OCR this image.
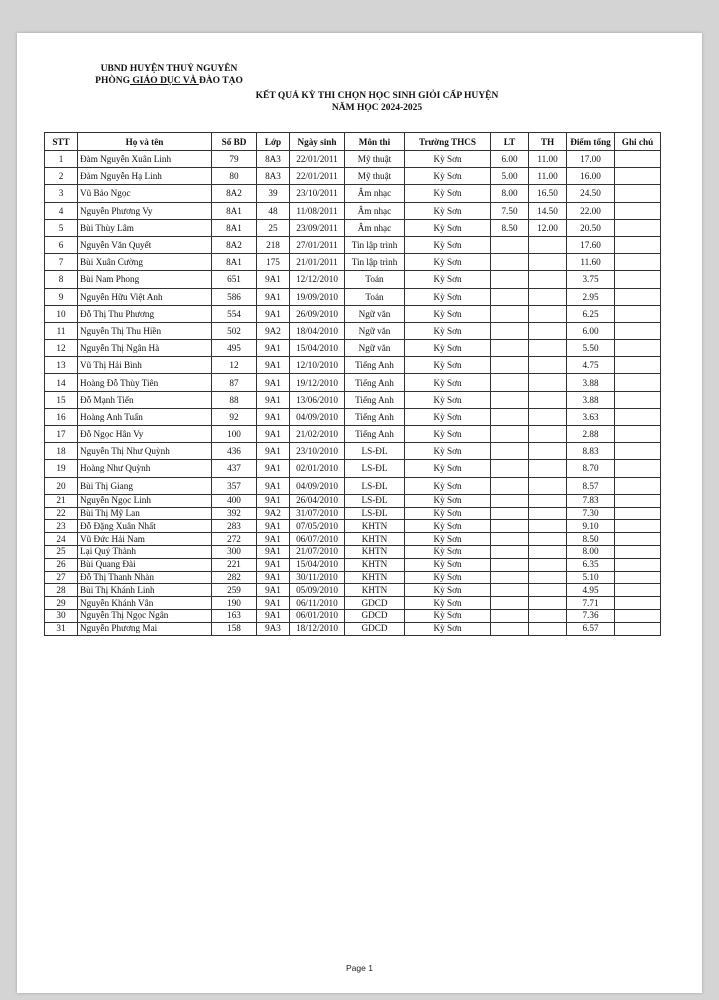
UBND HUYỆN THUỶ NGUYÊN
PHÒNG GIÁO DỤC VÀ ĐÀO TẠO
KẾT QUẢ KỲ THI CHỌN HỌC SINH GIỎI CẤP HUYỆN
NĂM HỌC 2024-2025
STT	Họ và tên	Số BD	Lớp	Ngày sinh	Môn thi	Trường THCS	LT	TH	Điểm tổng	Ghi chú
1	Đàm Nguyễn Xuân Linh	79	8A3	22/01/2011	Mỹ thuật	Kỳ Sơn	6.00	11.00	17.00	
2	Đàm Nguyễn Hạ Linh	80	8A3	22/01/2011	Mỹ thuật	Kỳ Sơn	5.00	11.00	16.00	
3	Vũ Bảo Ngọc	8A2	39	23/10/2011	Âm nhạc	Kỳ Sơn	8.00	16.50	24.50	
4	Nguyễn Phương Vy	8A1	48	11/08/2011	Âm nhạc	Kỳ Sơn	7.50	14.50	22.00	
5	Bùi Thùy Lâm	8A1	25	23/09/2011	Âm nhạc	Kỳ Sơn	8.50	12.00	20.50	
6	Nguyễn Văn Quyết	8A2	218	27/01/2011	Tin lập trình	Kỳ Sơn			17.60	
7	Bùi Xuân Cường	8A1	175	21/01/2011	Tin lập trình	Kỳ Sơn			11.60	
8	Bùi Nam Phong	651	9A1	12/12/2010	Toán	Kỳ Sơn			3.75	
9	Nguyễn Hữu Việt Anh	586	9A1	19/09/2010	Toán	Kỳ Sơn			2.95	
10	Đỗ Thị Thu Phương	554	9A1	26/09/2010	Ngữ văn	Kỳ Sơn			6.25	
11	Nguyễn Thị Thu Hiền	502	9A2	18/04/2010	Ngữ văn	Kỳ Sơn			6.00	
12	Nguyễn Thị Ngân Hà	495	9A1	15/04/2010	Ngữ văn	Kỳ Sơn			5.50	
13	Vũ Thị Hải Bình	12	9A1	12/10/2010	Tiếng Anh	Kỳ Sơn			4.75	
14	Hoàng Đỗ Thùy Tiên	87	9A1	19/12/2010	Tiếng Anh	Kỳ Sơn			3.88	
15	Đỗ Mạnh Tiến	88	9A1	13/06/2010	Tiếng Anh	Kỳ Sơn			3.88	
16	Hoàng Anh Tuấn	92	9A1	04/09/2010	Tiếng Anh	Kỳ Sơn			3.63	
17	Đỗ Ngọc Hân Vy	100	9A1	21/02/2010	Tiếng Anh	Kỳ Sơn			2.88	
18	Nguyễn Thị Như Quỳnh	436	9A1	23/10/2010	LS-ĐL	Kỳ Sơn			8.83	
19	Hoàng Như Quỳnh	437	9A1	02/01/2010	LS-ĐL	Kỳ Sơn			8.70	
20	Bùi Thị Giang	357	9A1	04/09/2010	LS-ĐL	Kỳ Sơn			8.57	
21	Nguyễn Ngọc Linh	400	9A1	26/04/2010	LS-ĐL	Kỳ Sơn			7.83	
22	Bùi Thị Mỹ Lan	392	9A2	31/07/2010	LS-ĐL	Kỳ Sơn			7.30	
23	Đỗ Đặng Xuân Nhất	283	9A1	07/05/2010	KHTN	Kỳ Sơn			9.10	
24	Vũ Đức Hải Nam	272	9A1	06/07/2010	KHTN	Kỳ Sơn			8.50	
25	Lại Quý Thành	300	9A1	21/07/2010	KHTN	Kỳ Sơn			8.00	
26	Bùi Quang Đài	221	9A1	15/04/2010	KHTN	Kỳ Sơn			6.35	
27	Đỗ Thị Thanh Nhàn	282	9A1	30/11/2010	KHTN	Kỳ Sơn			5.10	
28	Bùi Thị Khánh Linh	259	9A1	05/09/2010	KHTN	Kỳ Sơn			4.95	
29	Nguyễn Khánh Vân	190	9A1	06/11/2010	GDCD	Kỳ Sơn			7.71	
30	Nguyễn Thị Ngọc Ngân	163	9A1	06/01/2010	GDCD	Kỳ Sơn			7.36	
31	Nguyễn Phương Mai	158	9A3	18/12/2010	GDCD	Kỳ Sơn			6.57	
Page 1
